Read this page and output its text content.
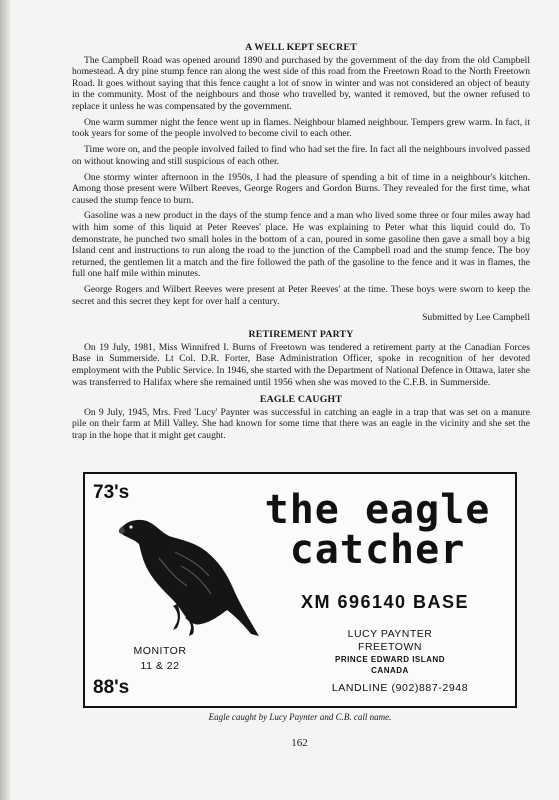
A WELL KEPT SECRET

The Campbell Road was opened around 1890 and purchased by the government of the day from the old Campbell homestead. A dry pine stump fence ran along the west side of this road from the Freetown Road to the North Freetown Road. It goes without saying that this fence caught a lot of snow in winter and was not considered an object of beauty in the community. Most of the neighbours and those who travelled by, wanted it removed, but the owner refused to replace it unless he was compensated by the government.

One warm summer night the fence went up in flames. Neighbour blamed neighbour. Tempers grew warm. In fact, it took years for some of the people involved to become civil to each other.

Time wore on, and the people involved failed to find who had set the fire. In fact all the neighbours involved passed on without knowing and still suspicious of each other.

One stormy winter afternoon in the 1950s, I had the pleasure of spending a bit of time in a neighbour's kitchen. Among those present were Wilbert Reeves, George Rogers and Gordon Burns. They revealed for the first time, what caused the stump fence to burn.

Gasoline was a new product in the days of the stump fence and a man who lived some three or four miles away had with him some of this liquid at Peter Reeves' place. He was explaining to Peter what this liquid could do. To demonstrate, he punched two small holes in the bottom of a can, poured in some gasoline then gave a small boy a big Island cent and instructions to run along the road to the junction of the Campbell road and the stump fence. The boy returned, the gentlemen lit a match and the fire followed the path of the gasoline to the fence and it was in flames, the full one half mile within minutes.

George Rogers and Wilbert Reeves were present at Peter Reeves' at the time. These boys were sworn to keep the secret and this secret they kept for over half a century.

Submitted by Lee Campbell
RETIREMENT PARTY

On 19 July, 1981, Miss Winnifred I. Burns of Freetown was tendered a retirement party at the Canadian Forces Base in Summerside. Lt Col. D.R. Forter, Base Administration Officer, spoke in recognition of her devoted employment with the Public Service. In 1946, she started with the Department of National Defence in Ottawa, later she was transferred to Halifax where she remained until 1956 when she was moved to the C.F.B. in Summerside.

EAGLE CAUGHT

On 9 July, 1945, Mrs. Fred 'Lucy' Paynter was successful in catching an eagle in a trap that was set on a manure pile on their farm at Mill Valley. She had known for some time that there was an eagle in the vicinity and she set the trap in the hope that it might get caught.

73's	the eagle
catcher
XM 696140 BASE
LUCY PAYNTER
FREETOWN
PRINCE EDWARD ISLAND
CANADA
MONITOR
11 & 22
LANDLINE (902)887-2948
88's
Eagle caught by Lucy Paynter and C.B. call name.
162
